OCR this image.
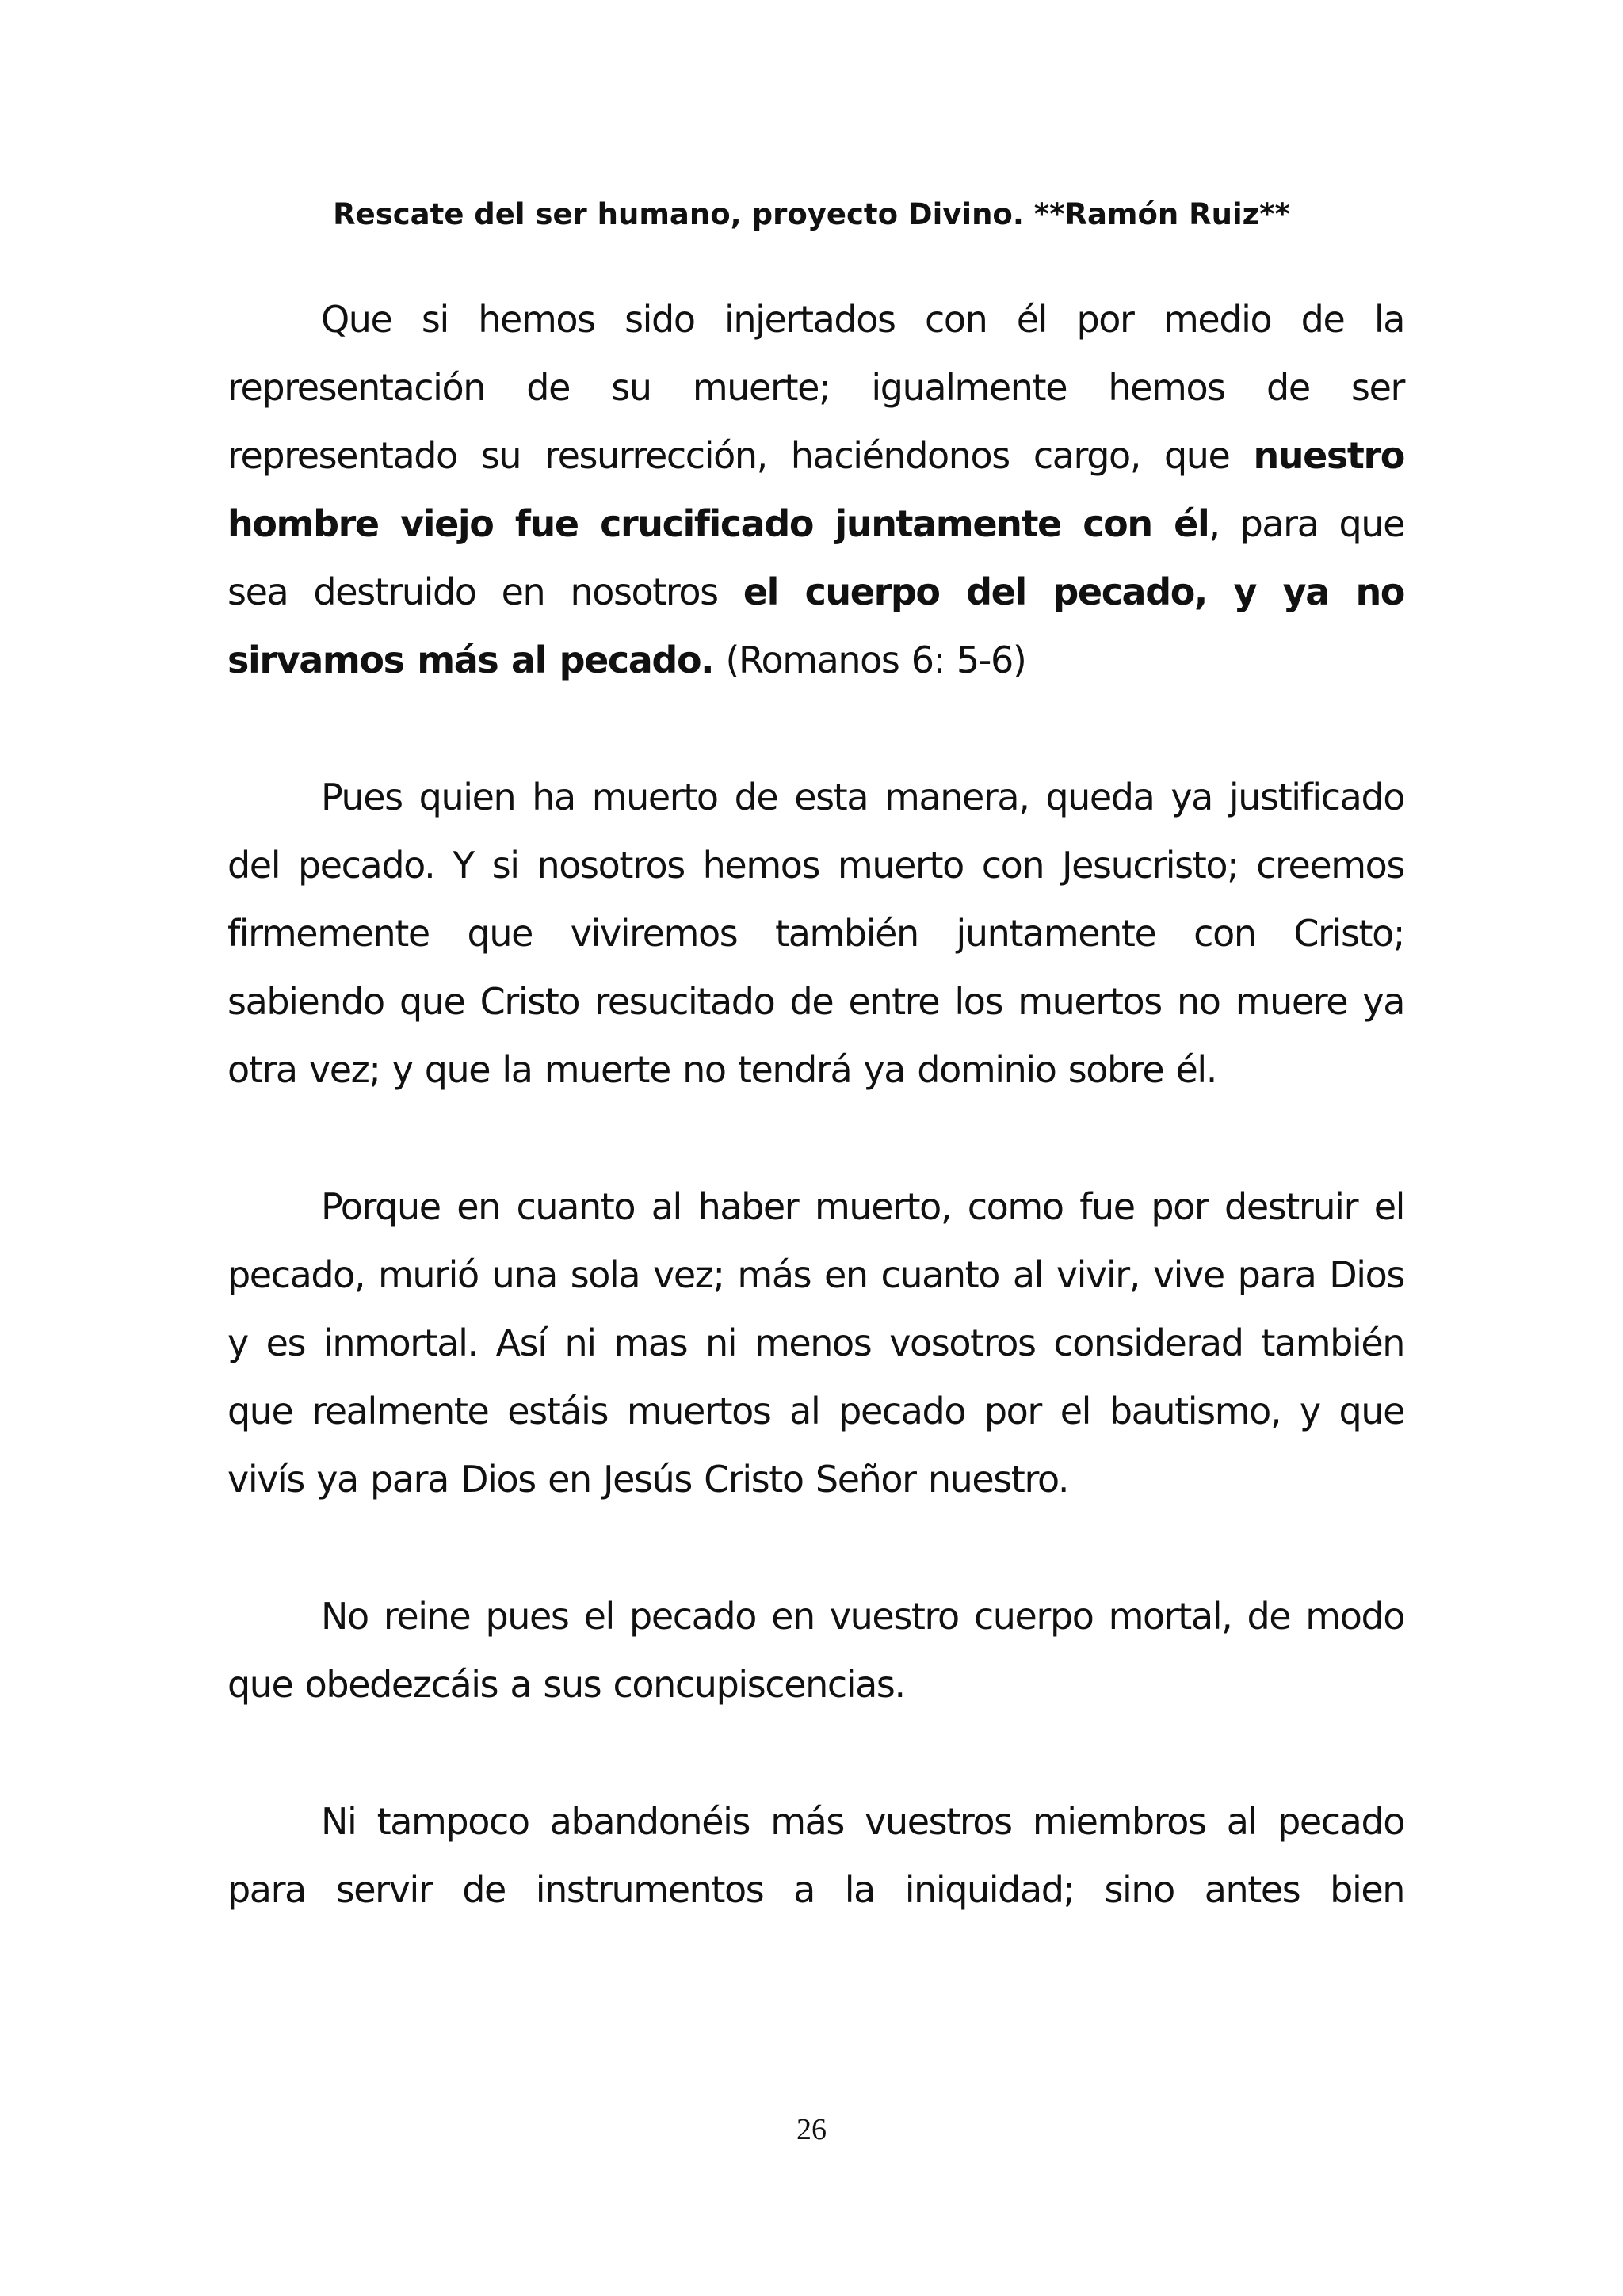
Rescate del ser humano, proyecto Divino. **Ramón Ruiz**

Que si hemos sido injertados con él por medio de la representación de su muerte; igualmente hemos de ser representado su resurrección, haciéndonos cargo, que nuestro hombre viejo fue crucificado juntamente con él, para que sea destruido en nosotros el cuerpo del pecado, y ya no sirvamos más al pecado. (Romanos 6: 5-6)

Pues quien ha muerto de esta manera, queda ya justificado del pecado. Y si nosotros hemos muerto con Jesucristo; creemos firmemente que viviremos también juntamente con Cristo; sabiendo que Cristo resucitado de entre los muertos no muere ya otra vez; y que la muerte no tendrá ya dominio sobre él.

Porque en cuanto al haber muerto, como fue por destruir el pecado, murió una sola vez; más en cuanto al vivir, vive para Dios y es inmortal. Así ni mas ni menos vosotros considerad también que realmente estáis muertos al pecado por el bautismo, y que vivís ya para Dios en Jesús Cristo Señor nuestro.

No reine pues el pecado en vuestro cuerpo mortal, de modo que obedezcáis a sus concupiscencias.

Ni tampoco abandonéis más vuestros miembros al pecado para servir de instrumentos a la iniquidad; sino antes bien

26
